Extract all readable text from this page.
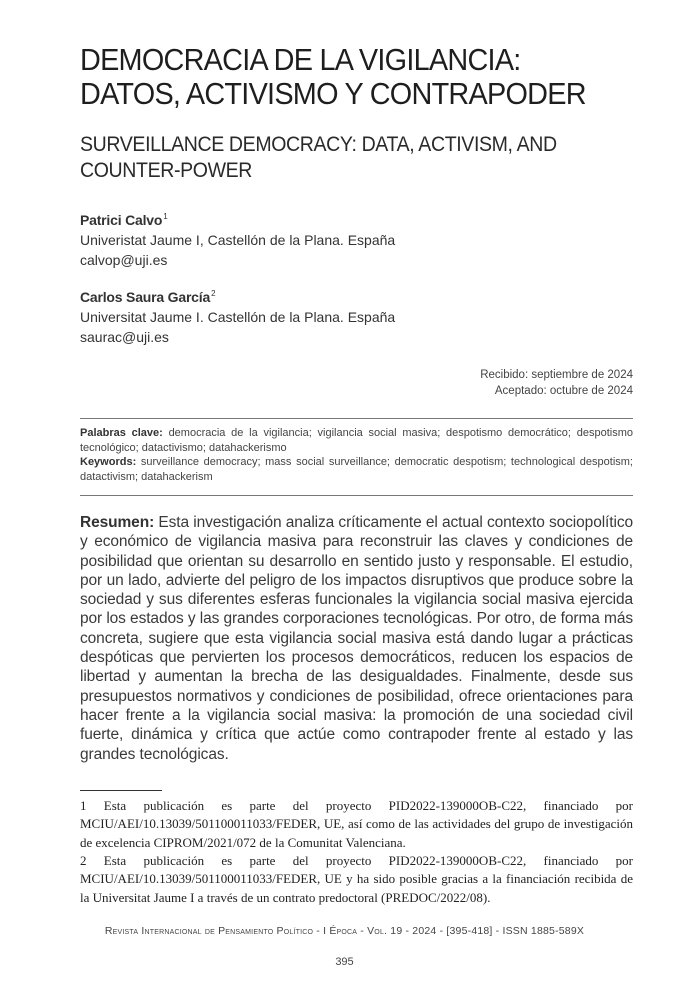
DEMOCRACIA DE LA VIGILANCIA: DATOS, ACTIVISMO Y CONTRAPODER
SURVEILLANCE DEMOCRACY: DATA, ACTIVISM, AND COUNTER-POWER
Patrici Calvo$^1$
Univeristat Jaume I, Castellón de la Plana. España
calvop@uji.es
Carlos Saura García$^2$
Universitat Jaume I. Castellón de la Plana. España
saurac@uji.es
Recibido: septiembre de 2024
Aceptado: octubre de 2024
Palabras clave: democracia de la vigilancia; vigilancia social masiva; despotismo democrático; despotismo tecnológico; datactivismo; datahackerismo
Keywords: surveillance democracy; mass social surveillance; democratic despotism; technological despotism; datactivism; datahackerism

Resumen: Esta investigación analiza críticamente el actual contexto sociopolítico y económico de vigilancia masiva para reconstruir las claves y condiciones de posibilidad que orientan su desarrollo en sentido justo y responsable. El estudio, por un lado, advierte del peligro de los impactos disruptivos que produce sobre la sociedad y sus diferentes esferas funcionales la vigilancia social masiva ejercida por los estados y las grandes corporaciones tecnológicas. Por otro, de forma más concreta, sugiere que esta vigilancia social masiva está dando lugar a prácticas despóticas que pervierten los procesos democráticos, reducen los espacios de libertad y aumentan la brecha de las desigualdades. Finalmente, desde sus presupuestos normativos y condiciones de posibilidad, ofrece orientaciones para hacer frente a la vigilancia social masiva: la promoción de una sociedad civil fuerte, dinámica y crítica que actúe como contrapoder frente al estado y las grandes tecnológicas.

1 Esta publicación es parte del proyecto PID2022-139000OB-C22, financiado por MCIU/AEI/10.13039/501100011033/FEDER, UE, así como de las actividades del grupo de investigación de excelencia CIPROM/2021/072 de la Comunitat Valenciana.

2 Esta publicación es parte del proyecto PID2022-139000OB-C22, financiado por MCIU/AEI/10.13039/501100011033/FEDER, UE y ha sido posible gracias a la financiación recibida de la Universitat Jaume I a través de un contrato predoctoral (PREDOC/2022/08).

Revista Internacional de Pensamiento Político - I Época - Vol. 19 - 2024 - [395-418] - ISSN 1885-589X
395
